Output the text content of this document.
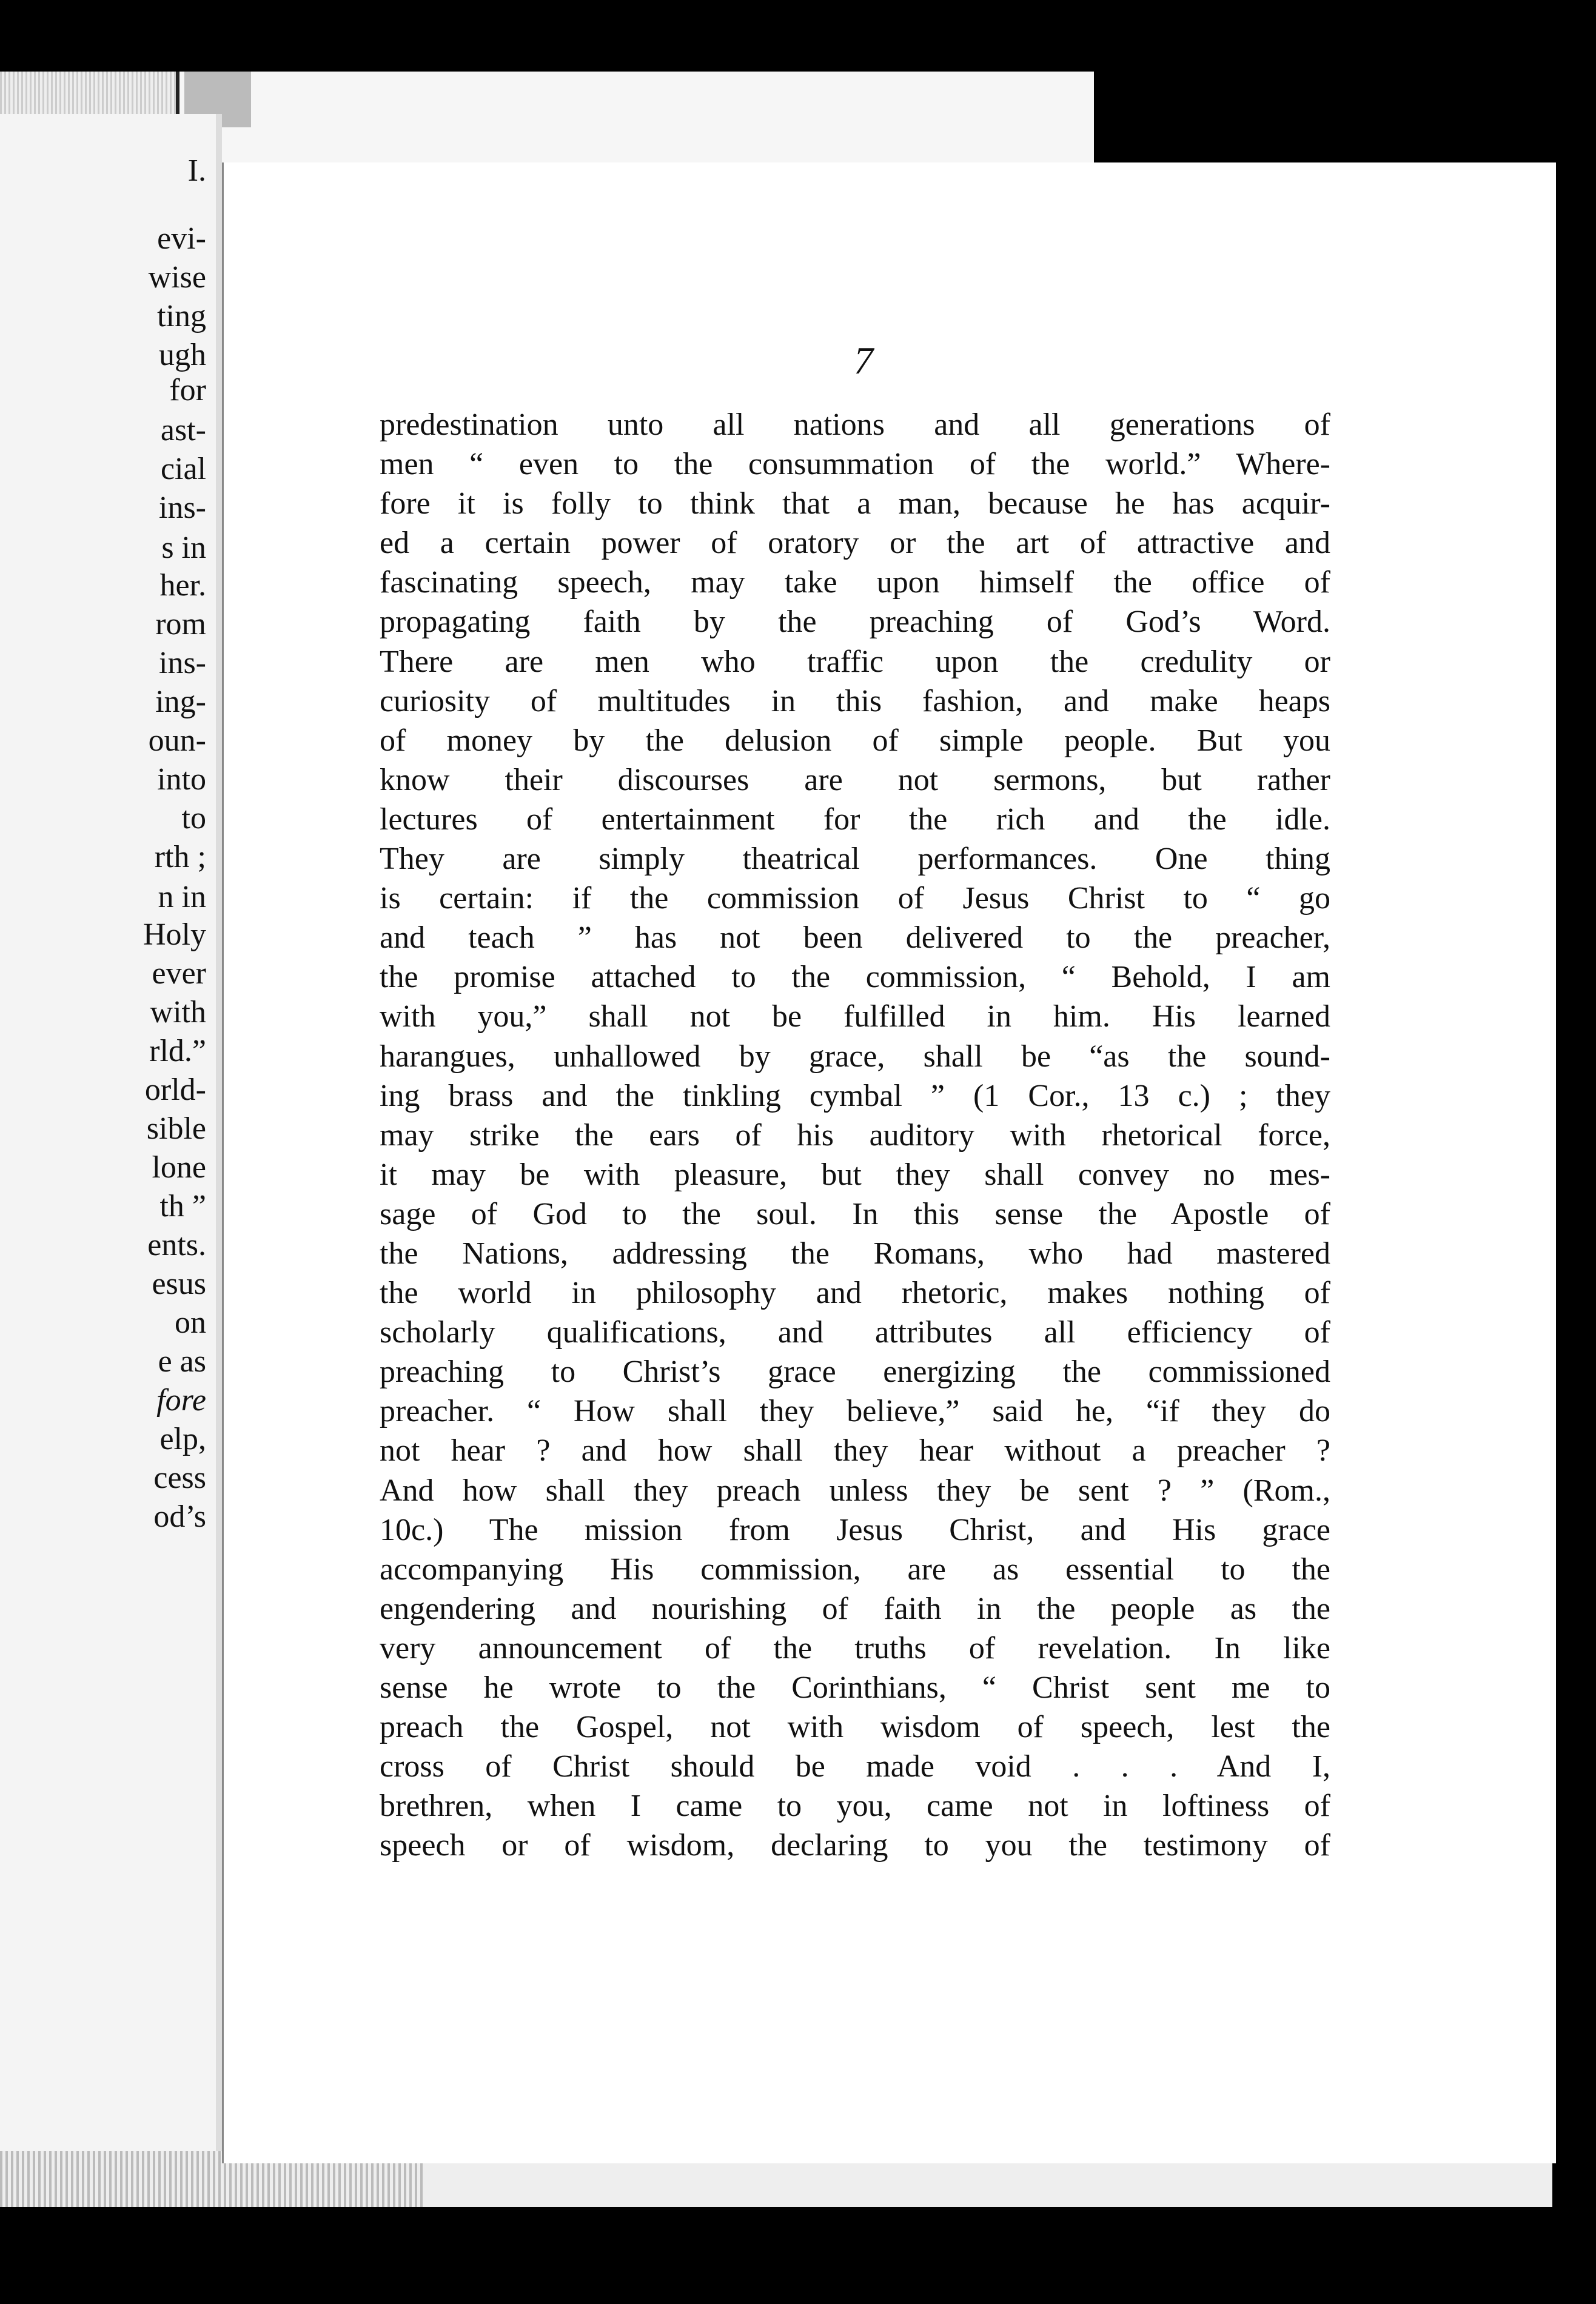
I.
evi-
wise
ting
ugh
for
ast-
cial
ins-
s in
her.
rom
ins-
ing-
oun-
into
to
rth ;
n in
Holy
ever
with
rld.”
orld-
sible
lone
th ”
ents.
esus
on
e as
fore
elp,
cess
od’s
7
predestination unto all nations and all generations of
men “ even to the consummation of the world.” Where-
fore it is folly to think that a man, because he has acquir-
ed a certain power of oratory or the art of attractive and
fascinating speech, may take upon himself the office of
propagating faith by the preaching of God’s Word.
There are men who traffic upon the credulity or
curiosity of multitudes in this fashion, and make heaps
of money by the delusion of simple people. But you
know their discourses are not sermons, but rather
lectures of entertainment for the rich and the idle.
They are simply theatrical performances. One thing
is certain: if the commission of Jesus Christ to “ go
and teach ” has not been delivered to the preacher,
the promise attached to the commission, “ Behold, I am
with you,” shall not be fulfilled in him. His learned
harangues, unhallowed by grace, shall be “as the sound-
ing brass and the tinkling cymbal ” (1 Cor., 13 c.) ; they
may strike the ears of his auditory with rhetorical force,
it may be with pleasure, but they shall convey no mes-
sage of God to the soul. In this sense the Apostle of
the Nations, addressing the Romans, who had mastered
the world in philosophy and rhetoric, makes nothing of
scholarly qualifications, and attributes all efficiency of
preaching to Christ’s grace energizing the commissioned
preacher. “ How shall they believe,” said he, “if they do
not hear ? and how shall they hear without a preacher ?
And how shall they preach unless they be sent ? ” (Rom.,
10c.) The mission from Jesus Christ, and His grace
accompanying His commission, are as essential to the
engendering and nourishing of faith in the people as the
very announcement of the truths of revelation. In like
sense he wrote to the Corinthians, “ Christ sent me to
preach the Gospel, not with wisdom of speech, lest the
cross of Christ should be made void . . . And I,
brethren, when I came to you, came not in loftiness of
speech or of wisdom, declaring to you the testimony of
